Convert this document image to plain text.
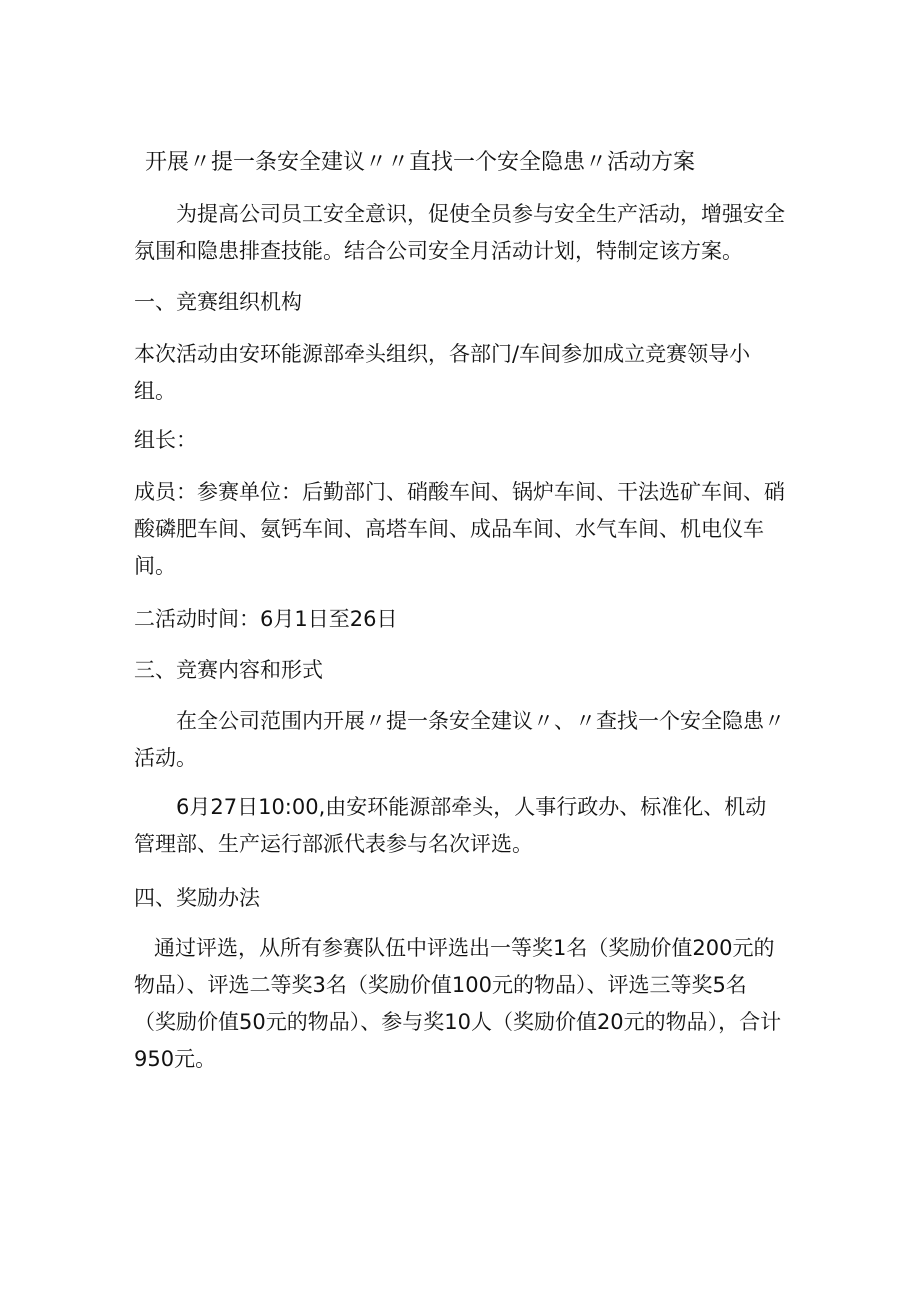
开展〃提一条安全建议〃〃直找一个安全隐患〃活动方案

为提高公司员工安全意识，促使全员参与安全生产活动，增强安全氛围和隐患排查技能。结合公司安全月活动计划，特制定该方案。

一、竞赛组织机构

本次活动由安环能源部牵头组织，各部门/车间参加成立竞赛领导小组。

组长：

成员：参赛单位：后勤部门、硝酸车间、锅炉车间、干法选矿车间、硝酸磷肥车间、氨钙车间、高塔车间、成品车间、水气车间、机电仪车间。

二活动时间：6月1日至26日

三、竞赛内容和形式

在全公司范围内开展〃提一条安全建议〃、〃查找一个安全隐患〃活动。

6月27日10:00,由安环能源部牵头，人事行政办、标准化、机动管理部、生产运行部派代表参与名次评选。

四、奖励办法

通过评选，从所有参赛队伍中评选出一等奖1名（奖励价值200元的物品）、评选二等奖3名（奖励价值100元的物品）、评选三等奖5名（奖励价值50元的物品）、参与奖10人（奖励价值20元的物品），合计950元。
